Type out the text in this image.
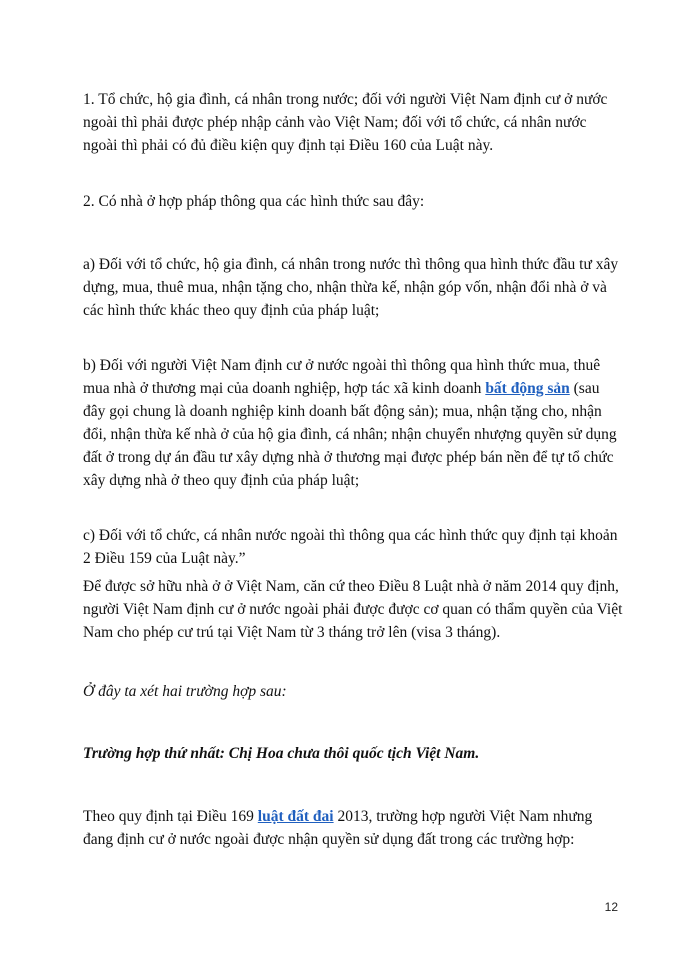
1. Tổ chức, hộ gia đình, cá nhân trong nước; đối với người Việt Nam định cư ở nước ngoài thì phải được phép nhập cảnh vào Việt Nam; đối với tổ chức, cá nhân nước ngoài thì phải có đủ điều kiện quy định tại Điều 160 của Luật này.

2. Có nhà ở hợp pháp thông qua các hình thức sau đây:

a) Đối với tổ chức, hộ gia đình, cá nhân trong nước thì thông qua hình thức đầu tư xây dựng, mua, thuê mua, nhận tặng cho, nhận thừa kế, nhận góp vốn, nhận đổi nhà ở và các hình thức khác theo quy định của pháp luật;

b) Đối với người Việt Nam định cư ở nước ngoài thì thông qua hình thức mua, thuê mua nhà ở thương mại của doanh nghiệp, hợp tác xã kinh doanh bất động sản (sau đây gọi chung là doanh nghiệp kinh doanh bất động sản); mua, nhận tặng cho, nhận đổi, nhận thừa kế nhà ở của hộ gia đình, cá nhân; nhận chuyển nhượng quyền sử dụng đất ở trong dự án đầu tư xây dựng nhà ở thương mại được phép bán nền để tự tổ chức xây dựng nhà ở theo quy định của pháp luật;

c) Đối với tổ chức, cá nhân nước ngoài thì thông qua các hình thức quy định tại khoản 2 Điều 159 của Luật này.”

Để được sở hữu nhà ở ở Việt Nam, căn cứ theo Điều 8 Luật nhà ở năm 2014 quy định, người Việt Nam định cư ở nước ngoài phải được được cơ quan có thẩm quyền của Việt Nam cho phép cư trú tại Việt Nam từ 3 tháng trở lên (visa 3 tháng).

Ở đây ta xét hai trường hợp sau:

Trường hợp thứ nhất: Chị Hoa chưa thôi quốc tịch Việt Nam.

Theo quy định tại Điều 169 luật đất đai 2013, trường hợp người Việt Nam nhưng đang định cư ở nước ngoài được nhận quyền sử dụng đất trong các trường hợp:

12
